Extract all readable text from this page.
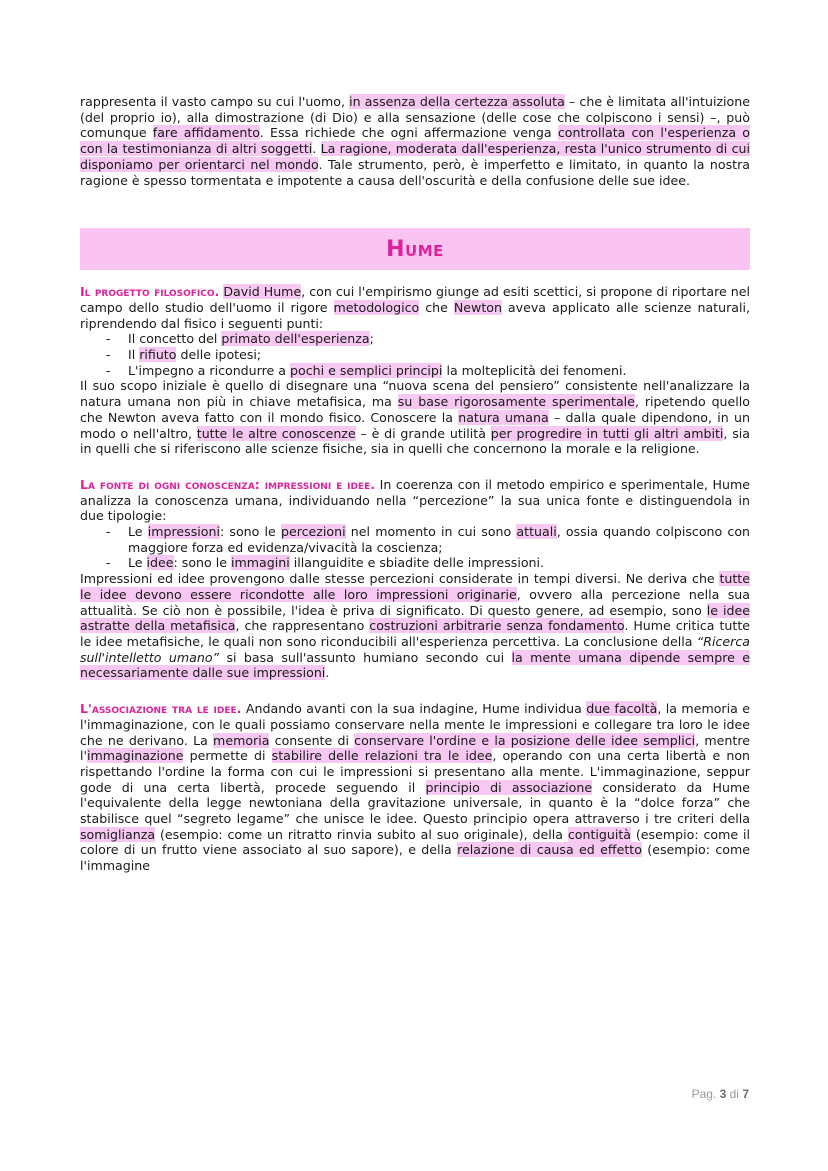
rappresenta il vasto campo su cui l'uomo, in assenza della certezza assoluta – che è limitata all'intuizione (del proprio io), alla dimostrazione (di Dio) e alla sensazione (delle cose che colpiscono i sensi) –, può comunque fare affidamento. Essa richiede che ogni affermazione venga controllata con l'esperienza o con la testimonianza di altri soggetti. La ragione, moderata dall'esperienza, resta l'unico strumento di cui disponiamo per orientarci nel mondo. Tale strumento, però, è imperfetto e limitato, in quanto la nostra ragione è spesso tormentata e impotente a causa dell'oscurità e della confusione delle sue idee.

Hume

Il progetto filosofico. David Hume, con cui l'empirismo giunge ad esiti scettici, si propone di riportare nel campo dello studio dell'uomo il rigore metodologico che Newton aveva applicato alle scienze naturali, riprendendo dal fisico i seguenti punti:

- Il concetto del primato dell'esperienza;
- Il rifiuto delle ipotesi;
- L'impegno a ricondurre a pochi e semplici principi la molteplicità dei fenomeni.

Il suo scopo iniziale è quello di disegnare una “nuova scena del pensiero” consistente nell'analizzare la natura umana non più in chiave metafisica, ma su base rigorosamente sperimentale, ripetendo quello che Newton aveva fatto con il mondo fisico. Conoscere la natura umana – dalla quale dipendono, in un modo o nell'altro, tutte le altre conoscenze – è di grande utilità per progredire in tutti gli altri ambiti, sia in quelli che si riferiscono alle scienze fisiche, sia in quelli che concernono la morale e la religione.

La fonte di ogni conoscenza: impressioni e idee. In coerenza con il metodo empirico e sperimentale, Hume analizza la conoscenza umana, individuando nella “percezione” la sua unica fonte e distinguendola in due tipologie:

- Le impressioni: sono le percezioni nel momento in cui sono attuali, ossia quando colpiscono con maggiore forza ed evidenza/vivacità la coscienza;
- Le idee: sono le immagini illanguidite e sbiadite delle impressioni.

Impressioni ed idee provengono dalle stesse percezioni considerate in tempi diversi. Ne deriva che tutte le idee devono essere ricondotte alle loro impressioni originarie, ovvero alla percezione nella sua attualità. Se ciò non è possibile, l'idea è priva di significato. Di questo genere, ad esempio, sono le idee astratte della metafisica, che rappresentano costruzioni arbitrarie senza fondamento. Hume critica tutte le idee metafisiche, le quali non sono riconducibili all'esperienza percettiva. La conclusione della “Ricerca sull'intelletto umano” si basa sull'assunto humiano secondo cui la mente umana dipende sempre e necessariamente dalle sue impressioni.

L'associazione tra le idee. Andando avanti con la sua indagine, Hume individua due facoltà, la memoria e l'immaginazione, con le quali possiamo conservare nella mente le impressioni e collegare tra loro le idee che ne derivano. La memoria consente di conservare l'ordine e la posizione delle idee semplici, mentre l'immaginazione permette di stabilire delle relazioni tra le idee, operando con una certa libertà e non rispettando l'ordine la forma con cui le impressioni si presentano alla mente. L'immaginazione, seppur gode di una certa libertà, procede seguendo il principio di associazione considerato da Hume l'equivalente della legge newtoniana della gravitazione universale, in quanto è la “dolce forza” che stabilisce quel “segreto legame” che unisce le idee. Questo principio opera attraverso i tre criteri della somiglianza (esempio: come un ritratto rinvia subito al suo originale), della contiguità (esempio: come il colore di un frutto viene associato al suo sapore), e della relazione di causa ed effetto (esempio: come l'immagine

Pag. 3 di 7
